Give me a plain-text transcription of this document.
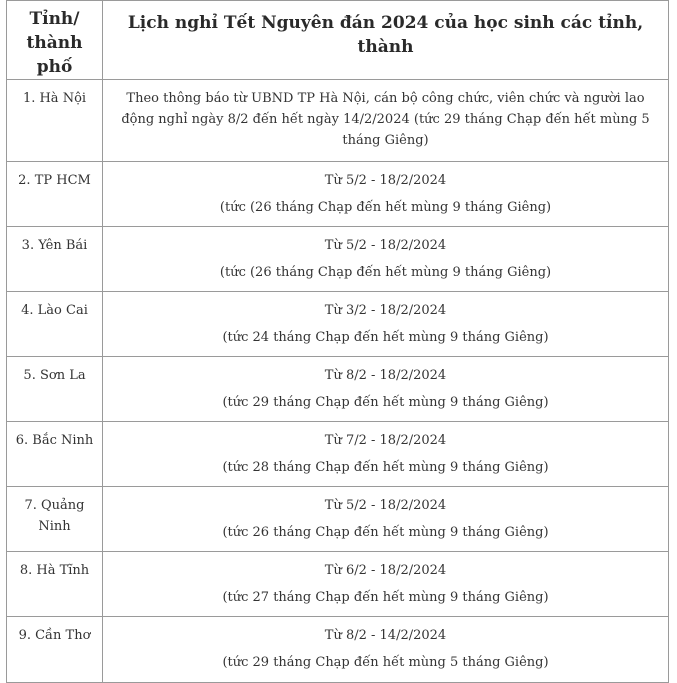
Tỉnh/ thành phố	Lịch nghỉ Tết Nguyên đán 2024 của học sinh các tỉnh, thành
1. Hà Nội	Theo thông báo từ UBND TP Hà Nội, cán bộ công chức, viên chức và người lao động nghỉ ngày 8/2 đến hết ngày 14/2/2024 (tức 29 tháng Chạp đến hết mùng 5 tháng Giêng)
2. TP HCM	Từ 5/2 - 18/2/2024
(tức (26 tháng Chạp đến hết mùng 9 tháng Giêng)

3. Yên Bái	Từ 5/2 - 18/2/2024
(tức (26 tháng Chạp đến hết mùng 9 tháng Giêng)

4. Lào Cai	Từ 3/2 - 18/2/2024
(tức 24 tháng Chạp đến hết mùng 9 tháng Giêng)

5. Sơn La	Từ 8/2 - 18/2/2024
(tức 29 tháng Chạp đến hết mùng 9 tháng Giêng)

6. Bắc Ninh	Từ 7/2 - 18/2/2024
(tức 28 tháng Chạp đến hết mùng 9 tháng Giêng)

7. Quảng Ninh	Từ 5/2 - 18/2/2024
(tức 26 tháng Chạp đến hết mùng 9 tháng Giêng)

8. Hà Tĩnh	Từ 6/2 - 18/2/2024
(tức 27 tháng Chạp đến hết mùng 9 tháng Giêng)

9. Cần Thơ	Từ 8/2 - 14/2/2024
(tức 29 tháng Chạp đến hết mùng 5 tháng Giêng)
